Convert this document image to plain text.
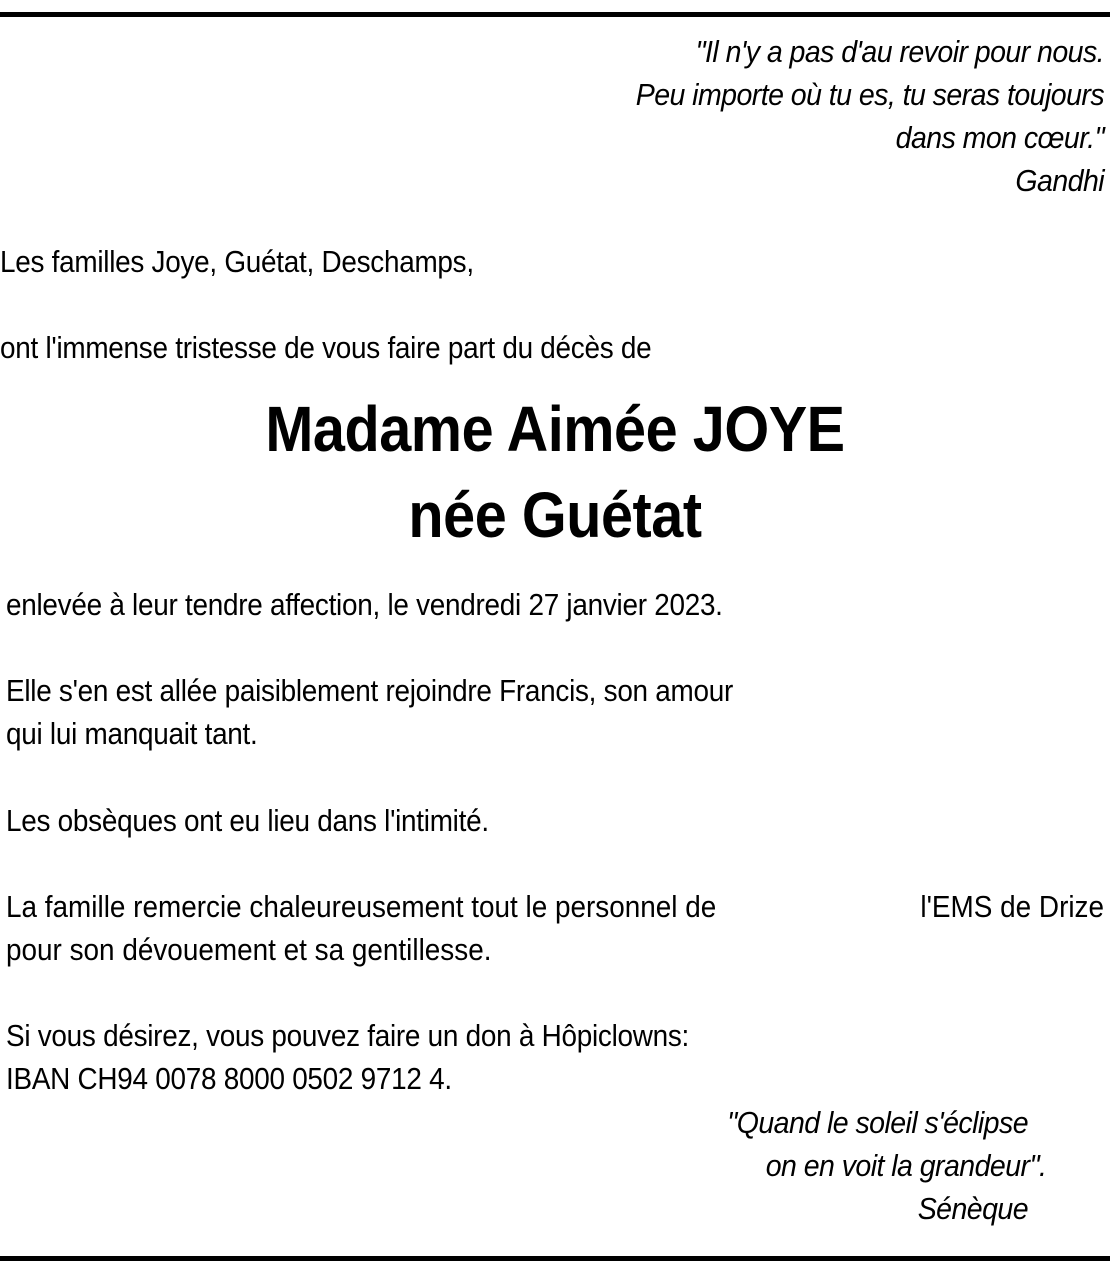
"Il n'y a pas d'au revoir pour nous.
Peu importe où tu es, tu seras toujours
dans mon cœur."
Gandhi
Les familles Joye, Guétat, Deschamps,
ont l'immense tristesse de vous faire part du décès de
Madame Aimée JOYE
née Guétat
enlevée à leur tendre affection, le vendredi 27 janvier 2023.
Elle s'en est allée paisiblement rejoindre Francis, son amour
qui lui manquait tant.
Les obsèques ont eu lieu dans l'intimité.
La famille remercie chaleureusement tout le personnel de	l'EMS de Drize
pour son dévouement et sa gentillesse.
Si vous désirez, vous pouvez faire un don à Hôpiclowns:
IBAN CH94 0078 8000 0502 9712 4.
"Quand le soleil s'éclipse
on en voit la grandeur".
Sénèque
